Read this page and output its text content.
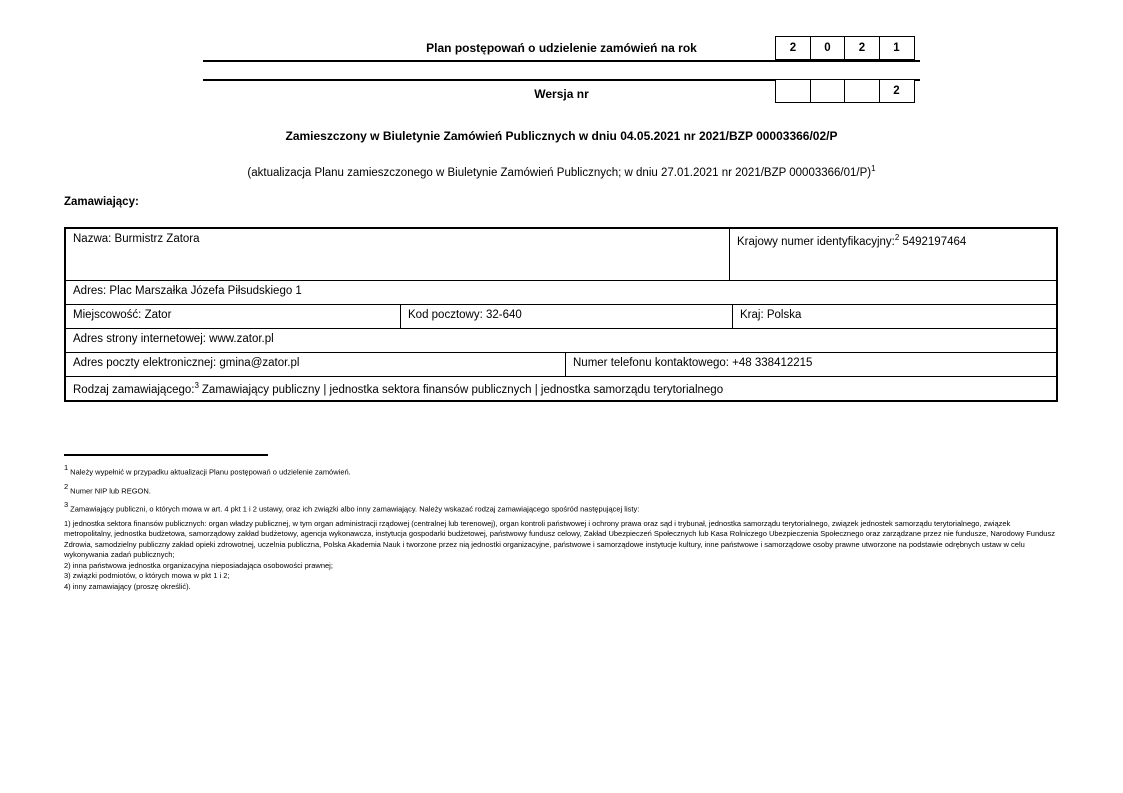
Plan postępowań o udzielenie zamówień na rok	2	0	2	1
Wersja nr	2
Zamieszczony w Biuletynie Zamówień Publicznych w dniu 04.05.2021 nr 2021/BZP 00003366/02/P
(aktualizacja Planu zamieszczonego w Biuletynie Zamówień Publicznych; w dniu 27.01.2021 nr 2021/BZP 00003366/01/P)$^1$
Zamawiający:
Nazwa: Burmistrz Zatora	Krajowy numer identyfikacyjny:$^2$ 5492197464
Adres: Plac Marszałka Józefa Piłsudskiego 1
Miejscowość: Zator	Kod pocztowy: 32-640	Kraj: Polska
Adres strony internetowej: www.zator.pl
Adres poczty elektronicznej: gmina@zator.pl	Numer telefonu kontaktowego: +48 338412215
Rodzaj zamawiającego:$^3$ Zamawiający publiczny | jednostka sektora finansów publicznych | jednostka samorządu terytorialnego
$^1$ Należy wypełnić w przypadku aktualizacji Planu postępowań o udzielenie zamówień.
$^2$ Numer NIP lub REGON.
$^3$ Zamawiający publiczni, o których mowa w art. 4 pkt 1 i 2 ustawy, oraz ich związki albo inny zamawiający. Należy wskazać rodzaj zamawiającego spośród następującej listy:
1) jednostka sektora finansów publicznych: organ władzy publicznej, w tym organ administracji rządowej (centralnej lub terenowej), organ kontroli państwowej i ochrony prawa oraz sąd i trybunał, jednostka samorządu terytorialnego, związek jednostek samorządu terytorialnego, związek metropolitalny, jednostka budżetowa, samorządowy zakład budżetowy, agencja wykonawcza, instytucja gospodarki budżetowej, państwowy fundusz celowy, Zakład Ubezpieczeń Społecznych lub Kasa Rolniczego Ubezpieczenia Społecznego oraz zarządzane przez nie fundusze, Narodowy Fundusz Zdrowia, samodzielny publiczny zakład opieki zdrowotnej, uczelnia publiczna, Polska Akademia Nauk i tworzone przez nią jednostki organizacyjne, państwowe i samorządowe instytucje kultury, inne państwowe i samorządowe osoby prawne utworzone na podstawie odrębnych ustaw w celu wykonywania zadań publicznych;
2) inna państwowa jednostka organizacyjna nieposiadająca osobowości prawnej;
3) związki podmiotów, o których mowa w pkt 1 i 2;
4) inny zamawiający (proszę określić).
